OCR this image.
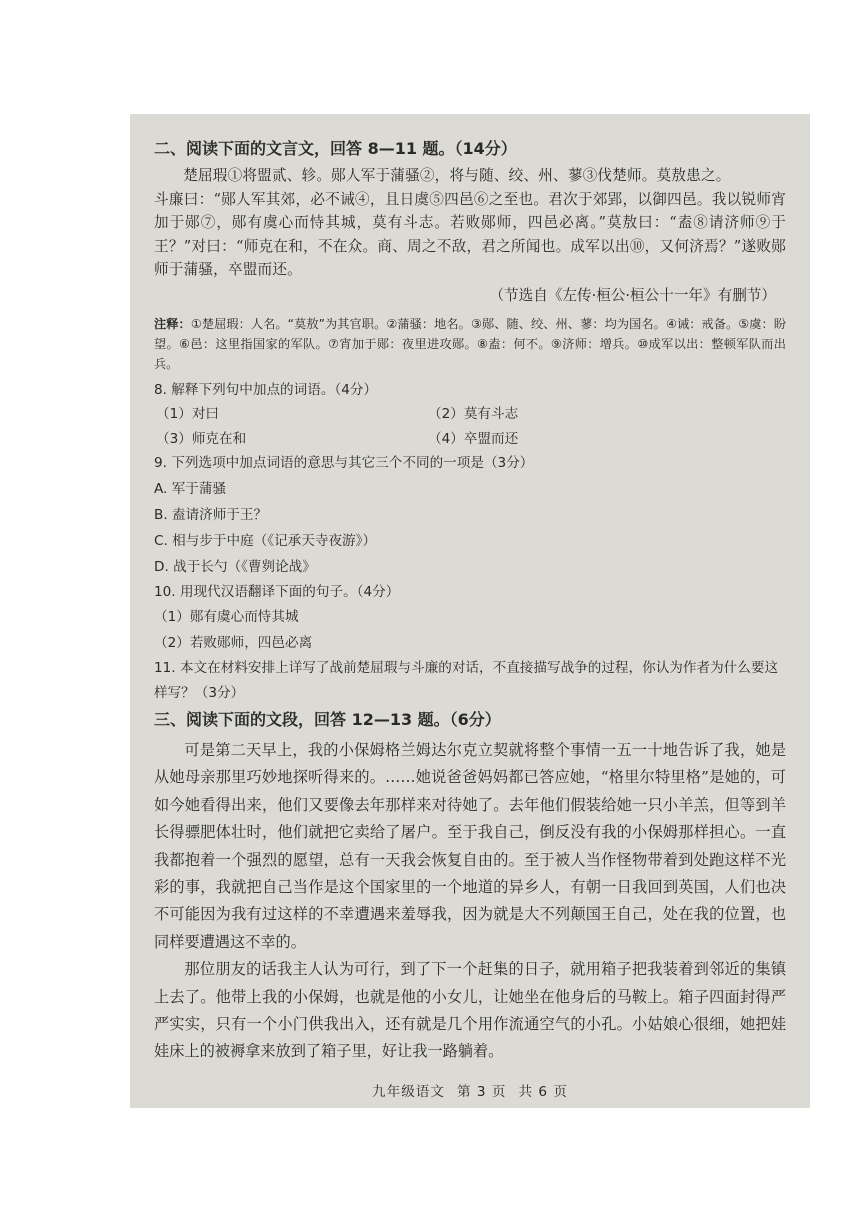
二、阅读下面的文言文，回答 8—11 题。（14分）

楚屈瑕①将盟贰、轸。郧人军于蒲骚②，将与随、绞、州、蓼③伐楚师。莫敖患之。

斗廉曰：“郧人军其郊，必不诫④，且日虞⑤四邑⑥之至也。君次于郊郢，以御四邑。我以锐师宵加于郧⑦，郧有虞心而恃其城，莫有斗志。若败郧师，四邑必离。”莫敖曰：“盍⑧请济师⑨于王？”对曰：“师克在和，不在众。商、周之不敌，君之所闻也。成军以出⑩，又何济焉？”遂败郧师于蒲骚，卒盟而还。

（节选自《左传·桓公·桓公十一年》有删节）
注释：①楚屈瑕：人名。“莫敖”为其官职。②蒲骚：地名。③郧、随、绞、州、蓼：均为国名。④诫：戒备。⑤虞：盼望。⑥邑：这里指国家的军队。⑦宵加于郧：夜里进攻郧。⑧盍：何不。⑨济师：增兵。⑩成军以出：整顿军队而出兵。

8. 解释下列句中加点的词语。（4分）

（1）对曰	（2）莫有斗志
（3）师克在和	（4）卒盟而还

9. 下列选项中加点词语的意思与其它三个不同的一项是（3分）

A. 军于蒲骚

B. 盍请济师于王？

C. 相与步于中庭（《记承天寺夜游》）

D. 战于长勺（《曹刿论战》

10. 用现代汉语翻译下面的句子。（4分）

（1）郧有虞心而恃其城

（2）若败郧师，四邑必离

11. 本文在材料安排上详写了战前楚屈瑕与斗廉的对话，不直接描写战争的过程，你认为作者为什么要这样写？（3分）

三、阅读下面的文段，回答 12—13 题。（6分）

可是第二天早上，我的小保姆格兰姆达尔克立契就将整个事情一五一十地告诉了我，她是从她母亲那里巧妙地探听得来的。……她说爸爸妈妈都已答应她，“格里尔特里格”是她的，可如今她看得出来，他们又要像去年那样来对待她了。去年他们假装给她一只小羊羔，但等到羊长得骠肥体壮时，他们就把它卖给了屠户。至于我自己，倒反没有我的小保姆那样担心。一直我都抱着一个强烈的愿望，总有一天我会恢复自由的。至于被人当作怪物带着到处跑这样不光彩的事，我就把自己当作是这个国家里的一个地道的异乡人，有朝一日我回到英国，人们也决不可能因为我有过这样的不幸遭遇来羞辱我，因为就是大不列颠国王自己，处在我的位置，也同样要遭遇这不幸的。

那位朋友的话我主人认为可行，到了下一个赶集的日子，就用箱子把我装着到邻近的集镇上去了。他带上我的小保姆，也就是他的小女儿，让她坐在他身后的马鞍上。箱子四面封得严严实实，只有一个小门供我出入，还有就是几个用作流通空气的小孔。小姑娘心很细，她把娃娃床上的被褥拿来放到了箱子里，好让我一路躺着。

九年级语文 第 3 页 共 6 页
